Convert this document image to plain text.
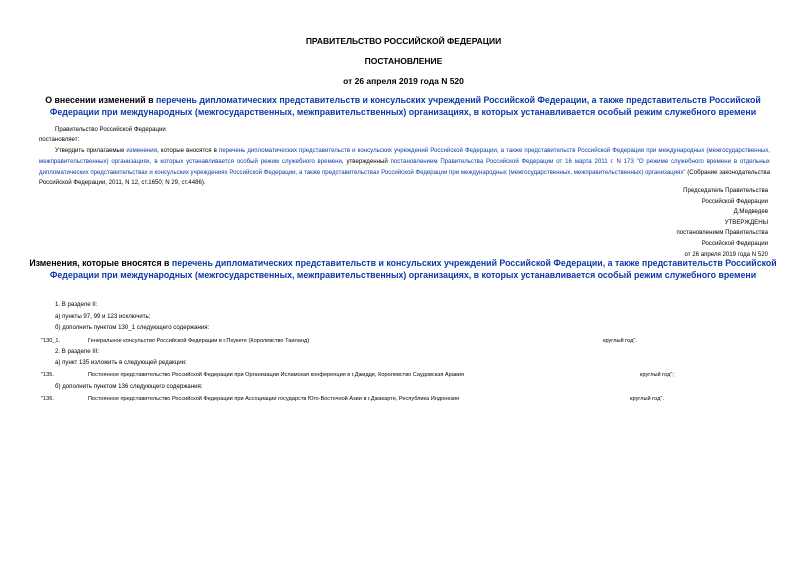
ПРАВИТЕЛЬСТВО РОССИЙСКОЙ ФЕДЕРАЦИИ
ПОСТАНОВЛЕНИЕ
от 26 апреля 2019 года N 520
О внесении изменений в перечень дипломатических представительств и консульских учреждений Российской Федерации, а также представительств Российской Федерации при международных (межгосударственных, межправительственных) организациях, в которых устанавливается особый режим служебного времени
Правительство Российской Федерации
постановляет:
Утвердить прилагаемые изменения, которые вносятся в перечень дипломатических представительств и консульских учреждений Российской Федерации, а также представительств Российской Федерации при международных (межгосударственных, межправительственных) организациях, в которых устанавливается особый режим служебного времени, утвержденный постановлением Правительства Российской Федерации от 16 марта 2011 г. N 173 "О режиме служебного времени в отдельных дипломатических представительствах и консульских учреждениях Российской Федерации, а также представительствах Российской Федерации при международных (межгосударственных, межправительственных) организациях" (Собрание законодательства Российской Федерации, 2011, N 12, ст.1650; N 29, ст.4486).
Председатель Правительства
Российской Федерации
Д.Медведев
УТВЕРЖДЕНЫ
постановлением Правительства
Российской Федерации
от 26 апреля 2019 года N 520
Изменения, которые вносятся в перечень дипломатических представительств и консульских учреждений Российской Федерации, а также представительств Российской Федерации при международных (межгосударственных, межправительственных) организациях, в которых устанавливается особый режим служебного времени
1. В разделе II:
а) пункты 97, 99 и 123 исключить;
б) дополнить пунктом 130_1 следующего содержания:
"130_1.	Генеральное консульство Российской Федерации в г.Пхукете (Королевство Таиланд)	круглый год".
2. В разделе III:
а) пункт 135 изложить в следующей редакции:
"135.	Постоянное представительство Российской Федерации при Организации Исламская конференция в г.Джидде, Королевство Саудовская Аравия	круглый год";
б) дополнить пунктом 136 следующего содержания:
"136.	Постоянное представительство Российской Федерации при Ассоциации государств Юго-Восточной Азии в г.Джакарте, Республика Индонезия	круглый год".
